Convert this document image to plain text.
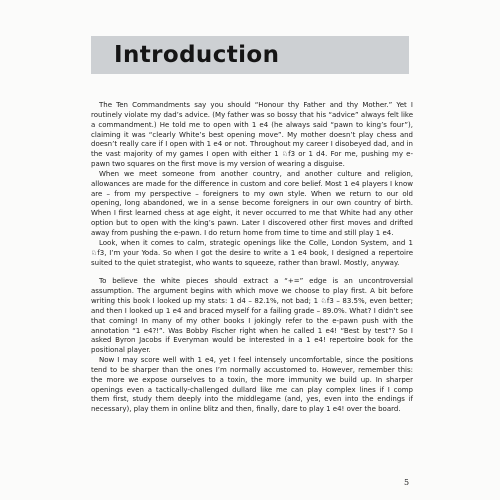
Introduction

The Ten Commandments say you should “Honour thy Father and thy Mother.” Yet I routinely violate my dad’s advice. (My father was so bossy that his “advice” always felt like a commandment.) He told me to open with 1 e4 (he always said “pawn to king’s four”), claiming it was “clearly White’s best opening move”. My mother doesn’t play chess and doesn’t really care if I open with 1 e4 or not. Throughout my career I disobeyed dad, and in the vast majority of my games I open with either 1 ♘f3 or 1 d4. For me, pushing my e-pawn two squares on the first move is my version of wearing a disguise.

When we meet someone from another country, and another culture and religion, allowances are made for the difference in custom and core belief. Most 1 e4 players I know are – from my perspective – foreigners to my own style. When we return to our old opening, long abandoned, we in a sense become foreigners in our own country of birth. When I first learned chess at age eight, it never occurred to me that White had any other option but to open with the king’s pawn. Later I discovered other first moves and drifted away from pushing the e-pawn. I do return home from time to time and still play 1 e4.

Look, when it comes to calm, strategic openings like the Colle, London System, and 1 ♘f3, I’m your Yoda. So when I got the desire to write a 1 e4 book, I designed a repertoire suited to the quiet strategist, who wants to squeeze, rather than brawl. Mostly, anyway.

To believe the white pieces should extract a “+=” edge is an uncontroversial assumption. The argument begins with which move we choose to play first. A bit before writing this book I looked up my stats: 1 d4 – 82.1%, not bad; 1 ♘f3 – 83.5%, even better; and then I looked up 1 e4 and braced myself for a failing grade – 89.0%. What? I didn’t see that coming! In many of my other books I jokingly refer to the e-pawn push with the annotation “1 e4?!”. Was Bobby Fischer right when he called 1 e4! “Best by test”? So I asked Byron Jacobs if Everyman would be interested in a 1 e4! repertoire book for the positional player.

Now I may score well with 1 e4, yet I feel intensely uncomfortable, since the positions tend to be sharper than the ones I’m normally accustomed to. However, remember this: the more we expose ourselves to a toxin, the more immunity we build up. In sharper openings even a tactically-challenged dullard like me can play complex lines if I comp them first, study them deeply into the middlegame (and, yes, even into the endings if necessary), play them in online blitz and then, finally, dare to play 1 e4! over the board.

5
